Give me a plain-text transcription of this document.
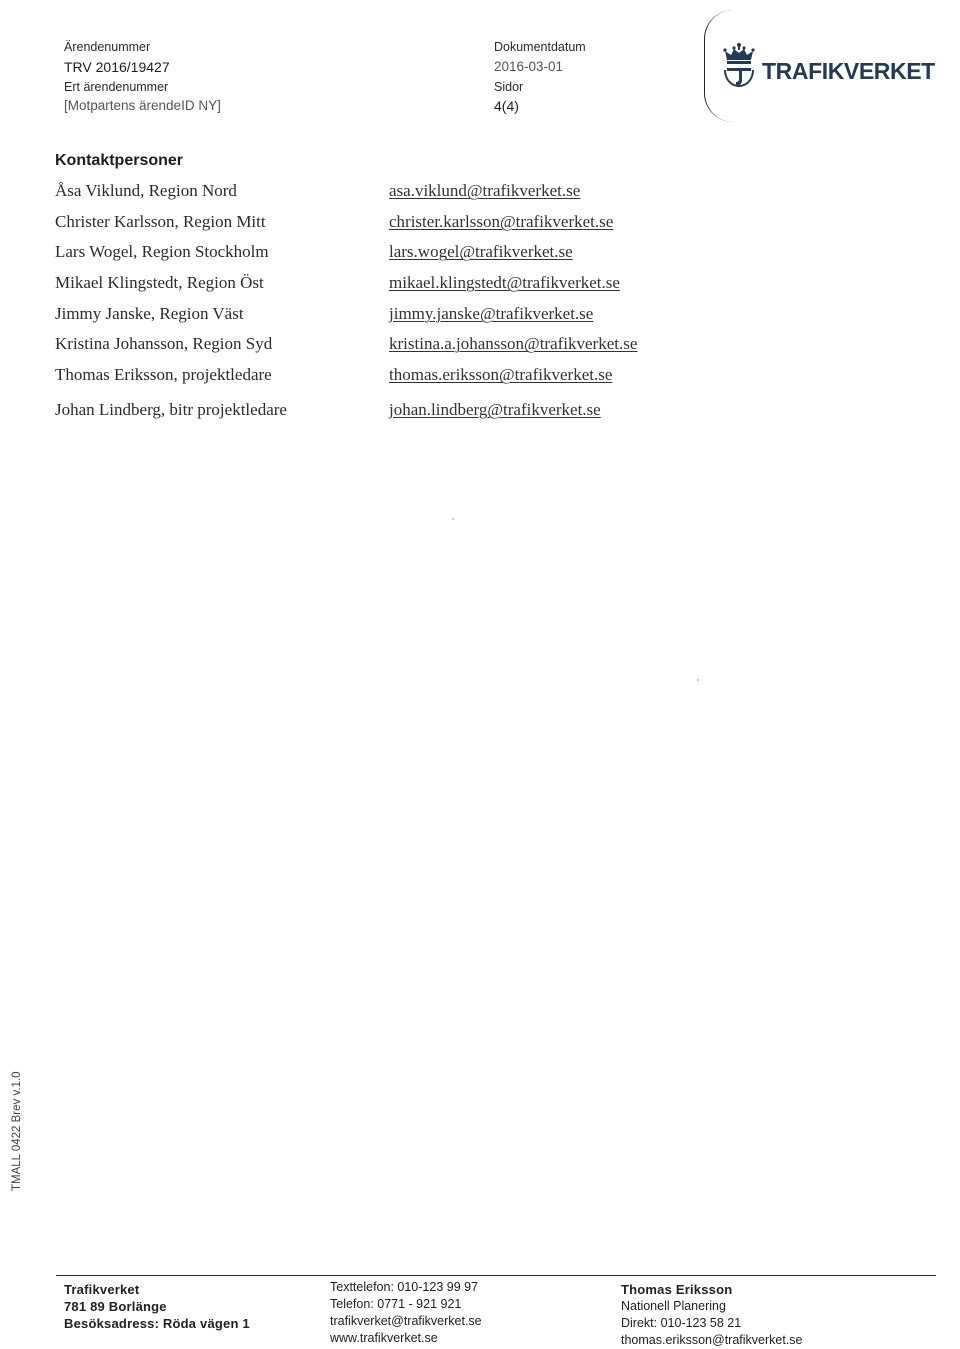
Ärendenummer
TRV 2016/19427
Ert ärendenummer
[Motpartens ärendeID NY]
Dokumentdatum
2016-03-01
Sidor
4(4)
TRAFIKVERKET
Kontaktpersoner
Åsa Viklund, Region Nord	asa.viklund@trafikverket.se
Christer Karlsson, Region Mitt	christer.karlsson@trafikverket.se
Lars Wogel, Region Stockholm	lars.wogel@trafikverket.se
Mikael Klingstedt, Region Öst	mikael.klingstedt@trafikverket.se
Jimmy Janske, Region Väst	jimmy.janske@trafikverket.se
Kristina Johansson, Region Syd	kristina.a.johansson@trafikverket.se
Thomas Eriksson, projektledare	thomas.eriksson@trafikverket.se
Johan Lindberg, bitr projektledare	johan.lindberg@trafikverket.se
TMALL 0422 Brev v.1.0
Trafikverket
781 89 Borlänge
Besöksadress: Röda vägen 1
Texttelefon: 010-123 99 97
Telefon: 0771 - 921 921
trafikverket@trafikverket.se
www.trafikverket.se
Thomas Eriksson
Nationell Planering
Direkt: 010-123 58 21
thomas.eriksson@trafikverket.se
